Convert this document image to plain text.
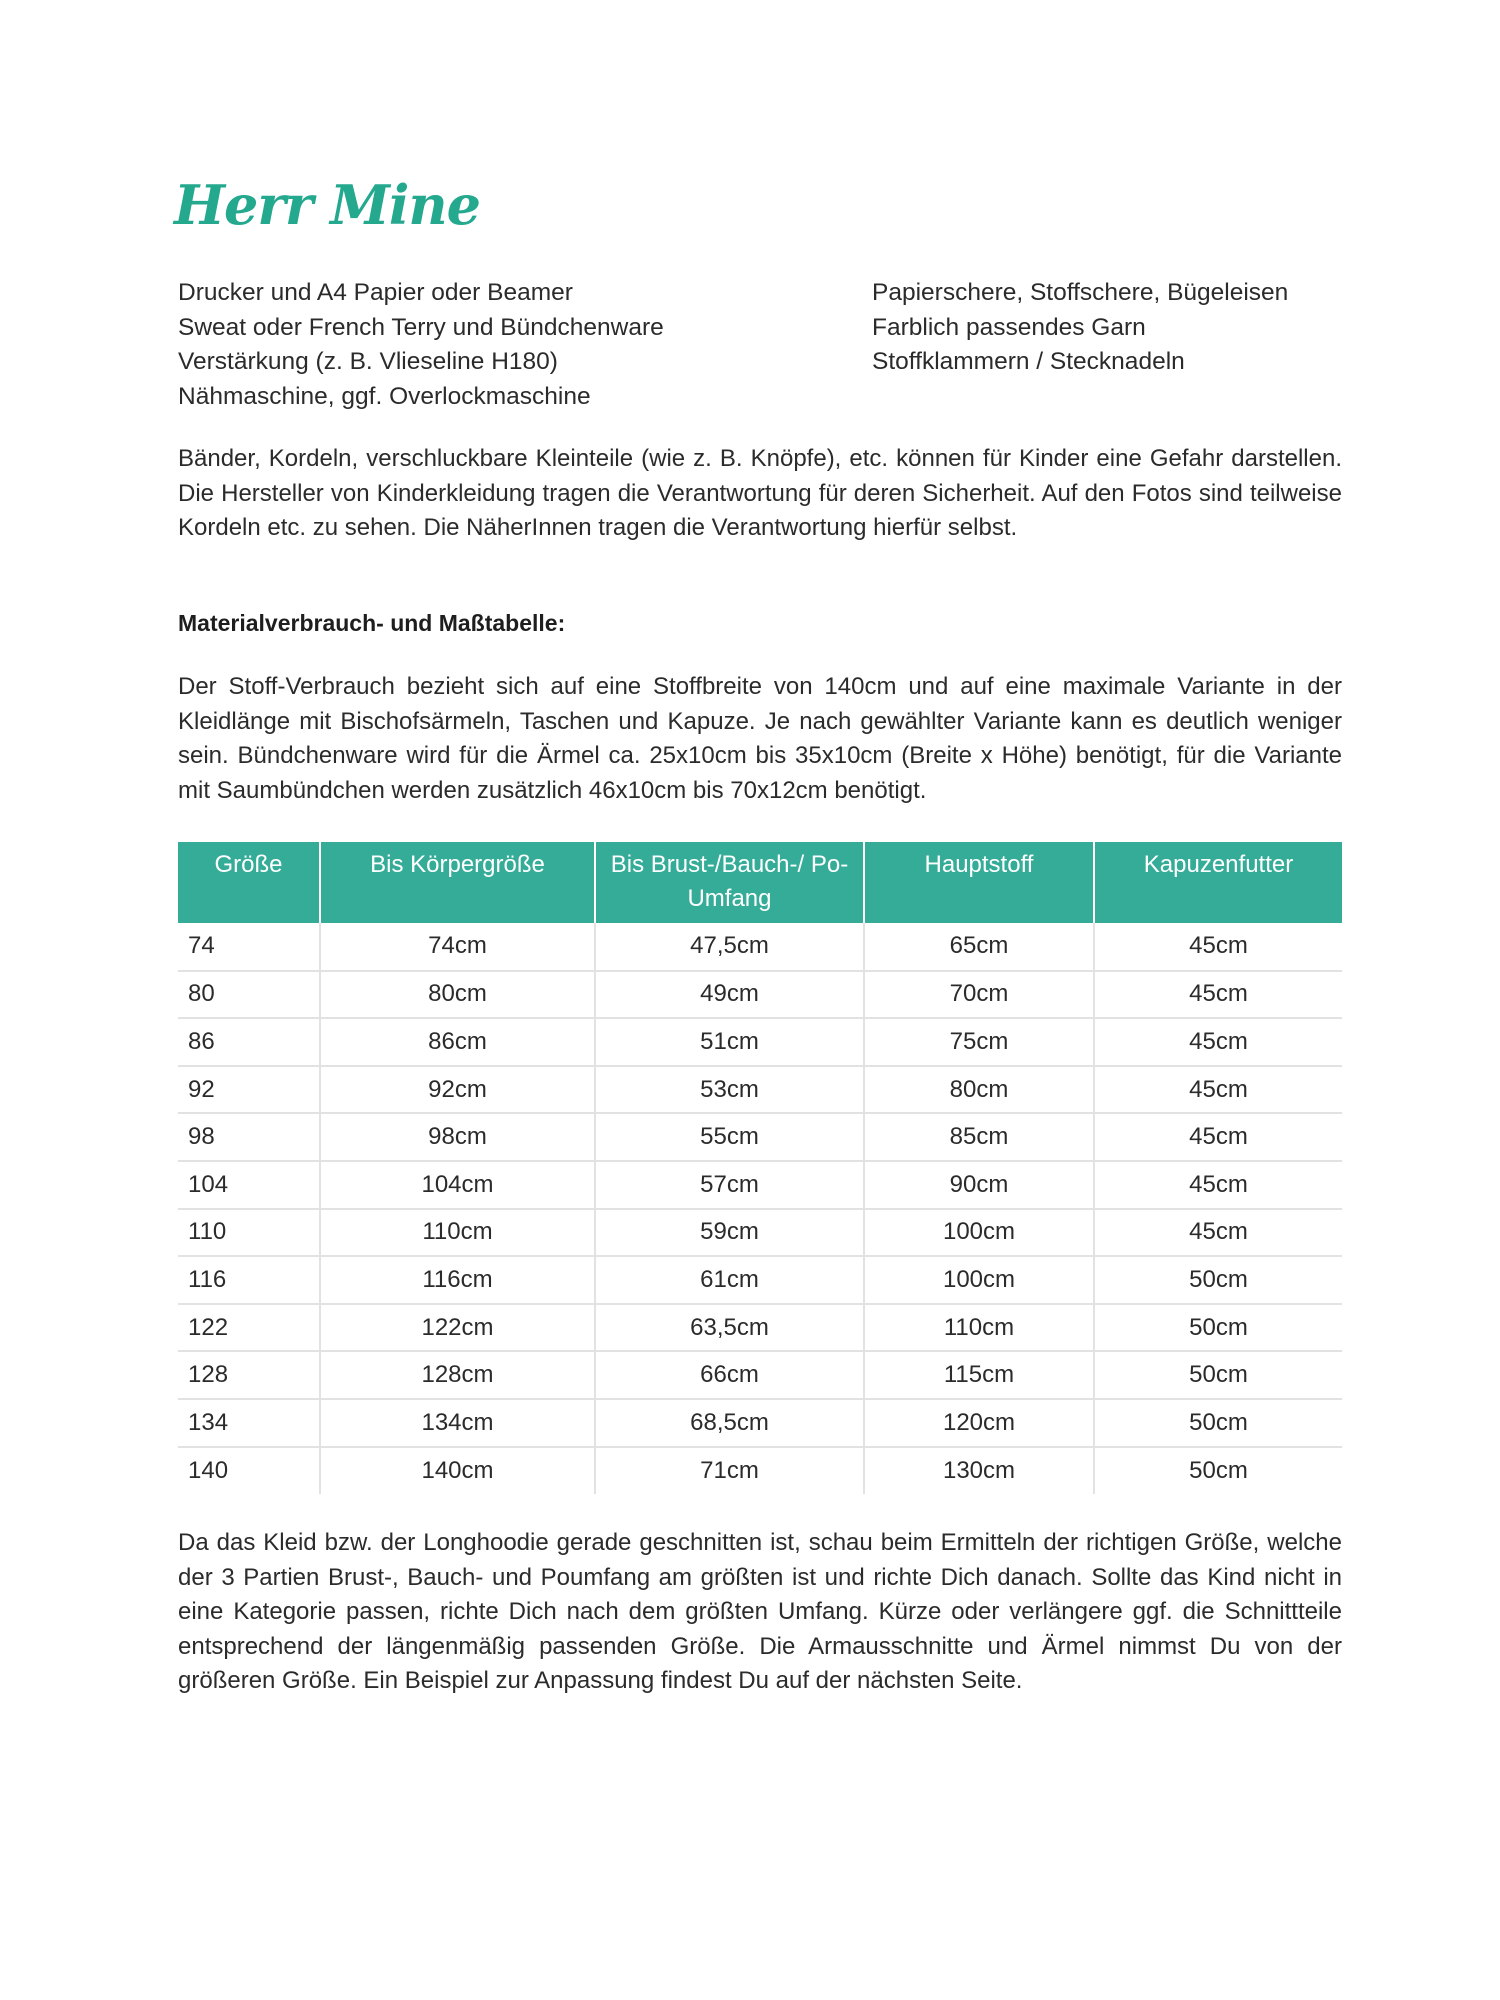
Herr Mine
Drucker und A4 Papier oder Beamer
Sweat oder French Terry und Bündchenware
Verstärkung (z. B. Vlieseline H180)
Nähmaschine, ggf. Overlockmaschine
Papierschere, Stoffschere, Bügeleisen
Farblich passendes Garn
Stoffklammern / Stecknadeln

Bänder, Kordeln, verschluckbare Kleinteile (wie z. B. Knöpfe), etc. können für Kinder eine Gefahr darstellen. Die Hersteller von Kinderkleidung tragen die Verantwortung für deren Sicherheit. Auf den Fotos sind teilweise Kordeln etc. zu sehen. Die NäherInnen tragen die Verantwortung hierfür selbst.

Materialverbrauch- und Maßtabelle:

Der Stoff-Verbrauch bezieht sich auf eine Stoffbreite von 140cm und auf eine maximale Variante in der Kleidlänge mit Bischofsärmeln, Taschen und Kapuze. Je nach gewählter Variante kann es deutlich weniger sein. Bündchenware wird für die Ärmel ca. 25x10cm bis 35x10cm (Breite x Höhe) benötigt, für die Variante mit Saumbündchen werden zusätzlich 46x10cm bis 70x12cm benötigt.

Größe	Bis Körpergröße	Bis Brust-/Bauch-/ Po-Umfang	Hauptstoff	Kapuzenfutter
74	74cm	47,5cm	65cm	45cm
80	80cm	49cm	70cm	45cm
86	86cm	51cm	75cm	45cm
92	92cm	53cm	80cm	45cm
98	98cm	55cm	85cm	45cm
104	104cm	57cm	90cm	45cm
110	110cm	59cm	100cm	45cm
116	116cm	61cm	100cm	50cm
122	122cm	63,5cm	110cm	50cm
128	128cm	66cm	115cm	50cm
134	134cm	68,5cm	120cm	50cm
140	140cm	71cm	130cm	50cm

Da das Kleid bzw. der Longhoodie gerade geschnitten ist, schau beim Ermitteln der richtigen Größe, welche der 3 Partien Brust-, Bauch- und Poumfang am größten ist und richte Dich danach. Sollte das Kind nicht in eine Kategorie passen, richte Dich nach dem größten Umfang. Kürze oder verlängere ggf. die Schnittteile entsprechend der längenmäßig passenden Größe. Die Armausschnitte und Ärmel nimmst Du von der größeren Größe. Ein Beispiel zur Anpassung findest Du auf der nächsten Seite.
